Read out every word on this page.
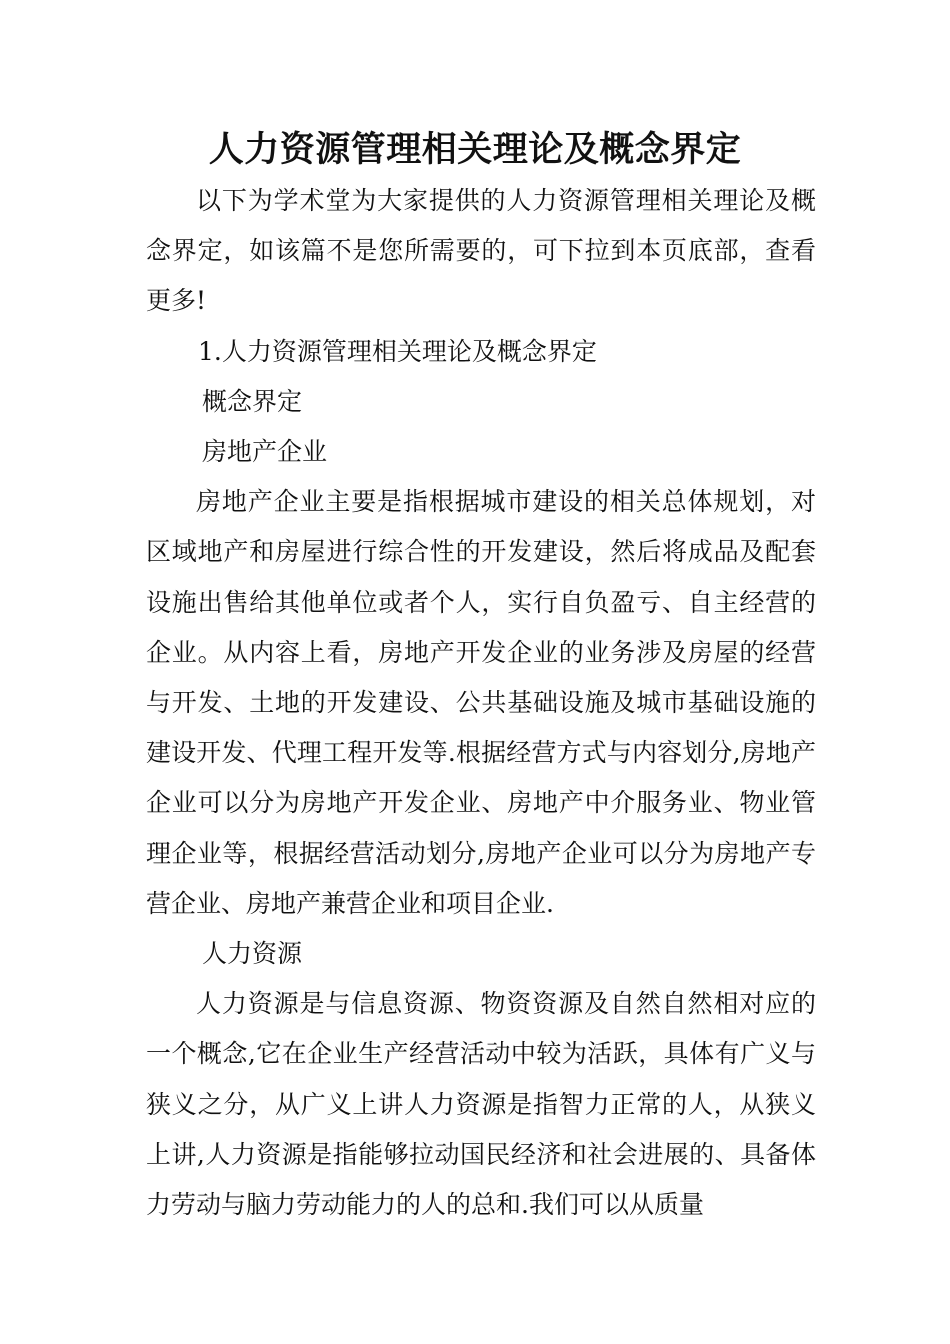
人力资源管理相关理论及概念界定

以下为学术堂为大家提供的人力资源管理相关理论及概念界定，如该篇不是您所需要的，可下拉到本页底部，查看更多!

1.人力资源管理相关理论及概念界定

概念界定

房地产企业

房地产企业主要是指根据城市建设的相关总体规划，对区域地产和房屋进行综合性的开发建设，然后将成品及配套设施出售给其他单位或者个人，实行自负盈亏、自主经营的企业。从内容上看，房地产开发企业的业务涉及房屋的经营与开发、土地的开发建设、公共基础设施及城市基础设施的建设开发、代理工程开发等.根据经营方式与内容划分,房地产企业可以分为房地产开发企业、房地产中介服务业、物业管理企业等，根据经营活动划分,房地产企业可以分为房地产专营企业、房地产兼营企业和项目企业.

人力资源

人力资源是与信息资源、物资资源及自然自然相对应的一个概念,它在企业生产经营活动中较为活跃，具体有广义与狭义之分，从广义上讲人力资源是指智力正常的人，从狭义上讲,人力资源是指能够拉动国民经济和社会进展的、具备体力劳动与脑力劳动能力的人的总和.我们可以从质量
